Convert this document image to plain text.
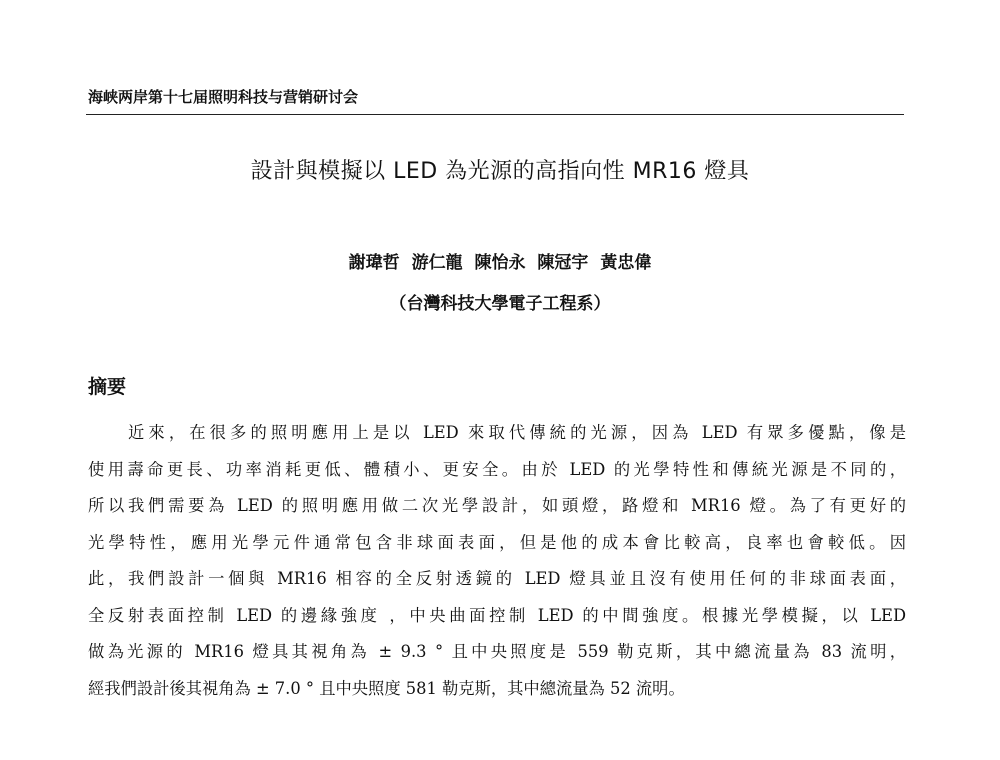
海峡两岸第十七届照明科技与营销研讨会
設計與模擬以 LED 為光源的高指向性 MR16 燈具
謝瑋哲 游仁龍 陳怡永 陳冠宇 黃忠偉
（台灣科技大學電子工程系）
摘要
近來，在很多的照明應用上是以 LED 來取代傳統的光源，因為 LED 有眾多優點，像是
使用壽命更長、功率消耗更低、體積小、更安全。由於 LED 的光學特性和傳統光源是不同的，
所以我們需要為 LED 的照明應用做二次光學設計，如頭燈，路燈和 MR16 燈。為了有更好的
光學特性，應用光學元件通常包含非球面表面，但是他的成本會比較高，良率也會較低。因
此，我們設計一個與 MR16 相容的全反射透鏡的 LED 燈具並且沒有使用任何的非球面表面，
全反射表面控制 LED 的邊緣強度 ，中央曲面控制 LED 的中間強度。根據光學模擬，以 LED
做為光源的 MR16 燈具其視角為 ± 9.3 ° 且中央照度是 559 勒克斯，其中總流量為 83 流明，
經我們設計後其視角為 ± 7.0 ° 且中央照度 581 勒克斯，其中總流量為 52 流明。
